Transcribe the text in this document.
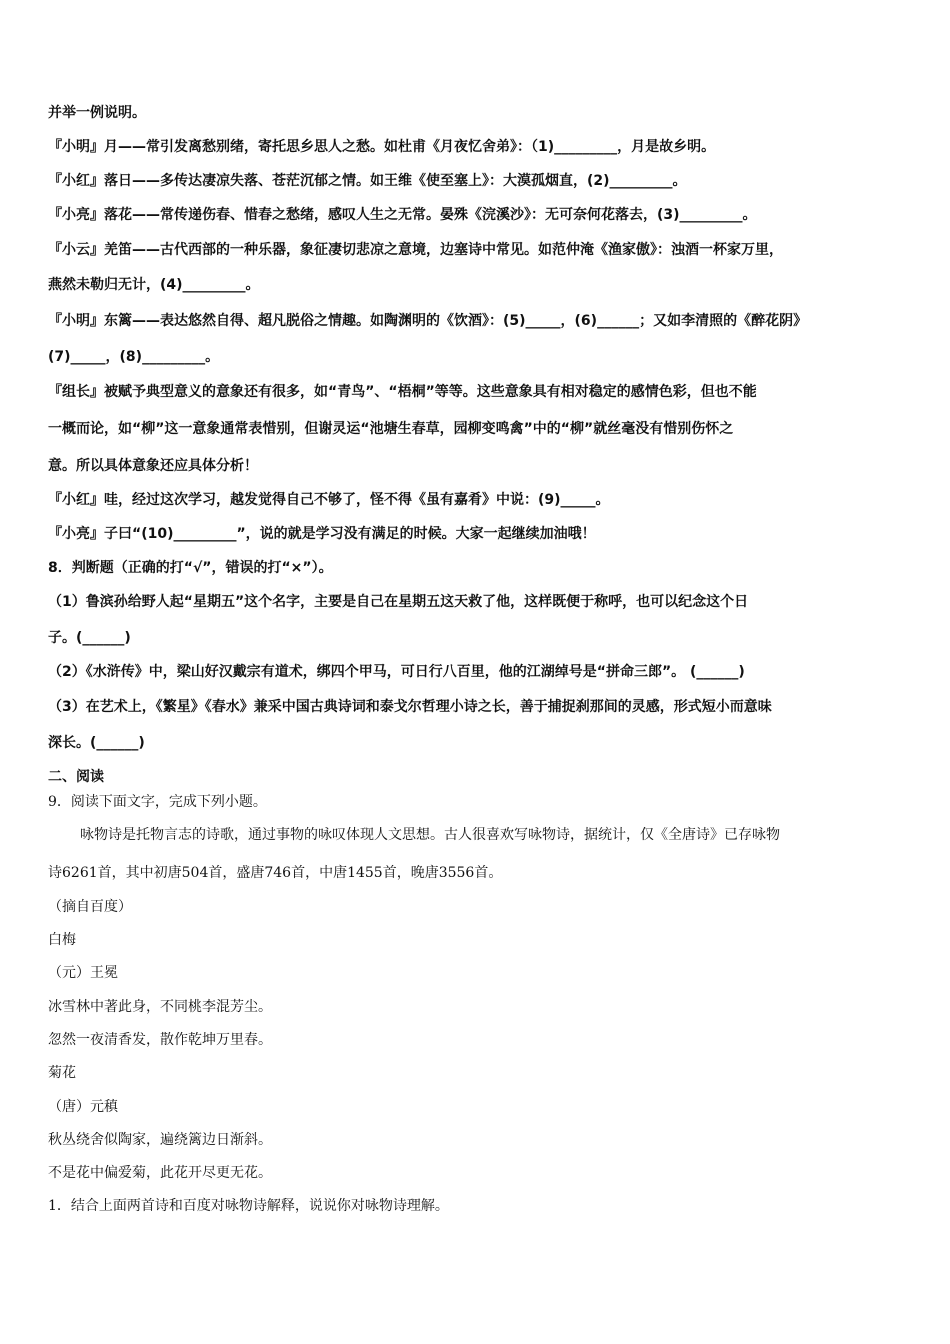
并举一例说明。
『小明』月——常引发离愁别绪，寄托思乡思人之愁。如杜甫《月夜忆舍弟》：（1)_________，月是故乡明。
『小红』落日——多传达凄凉失落、苍茫沉郁之情。如王维《使至塞上》：大漠孤烟直，(2)_________。
『小亮』落花——常传递伤春、惜春之愁绪，感叹人生之无常。晏殊《浣溪沙》：无可奈何花落去，(3)_________。
『小云』羌笛——古代西部的一种乐器，象征凄切悲凉之意境，边塞诗中常见。如范仲淹《渔家傲》：浊酒一杯家万里，
燕然未勒归无计，(4)_________。
『小明』东篱——表达悠然自得、超凡脱俗之情趣。如陶渊明的《饮酒》：(5)_____，(6)______；又如李清照的《醉花阴》
(7)_____，(8)_________。
『组长』被赋予典型意义的意象还有很多，如“青鸟”、“梧桐”等等。这些意象具有相对稳定的感情色彩，但也不能
一概而论，如“柳”这一意象通常表惜别，但谢灵运“池塘生春草，园柳变鸣禽”中的“柳”就丝毫没有惜别伤怀之
意。所以具体意象还应具体分析！
『小红』哇，经过这次学习，越发觉得自己不够了，怪不得《虽有嘉肴》中说：(9)_____。
『小亮』子曰“(10)_________”，说的就是学习没有满足的时候。大家一起继续加油哦！
8．判断题（正确的打“√”，错误的打“×”）。
（1）鲁滨孙给野人起“星期五”这个名字，主要是自己在星期五这天救了他，这样既便于称呼，也可以纪念这个日
子。(______)
（2）《水浒传》中，梁山好汉戴宗有道术，绑四个甲马，可日行八百里，他的江湖绰号是“拼命三郎”。 (______)
（3）在艺术上，《繁星》《春水》兼采中国古典诗词和泰戈尔哲理小诗之长，善于捕捉刹那间的灵感，形式短小而意味
深长。(______)
二、阅读
9．阅读下面文字，完成下列小题。
咏物诗是托物言志的诗歌，通过事物的咏叹体现人文思想。古人很喜欢写咏物诗，据统计，仅《全唐诗》已存咏物
诗6261首，其中初唐504首，盛唐746首，中唐1455首，晚唐3556首。
（摘自百度）
白梅
（元）王冕
冰雪林中著此身，不同桃李混芳尘。
忽然一夜清香发，散作乾坤万里春。
菊花
（唐）元稹
秋丛绕舍似陶家，遍绕篱边日渐斜。
不是花中偏爱菊，此花开尽更无花。
1．结合上面两首诗和百度对咏物诗解释，说说你对咏物诗理解。
